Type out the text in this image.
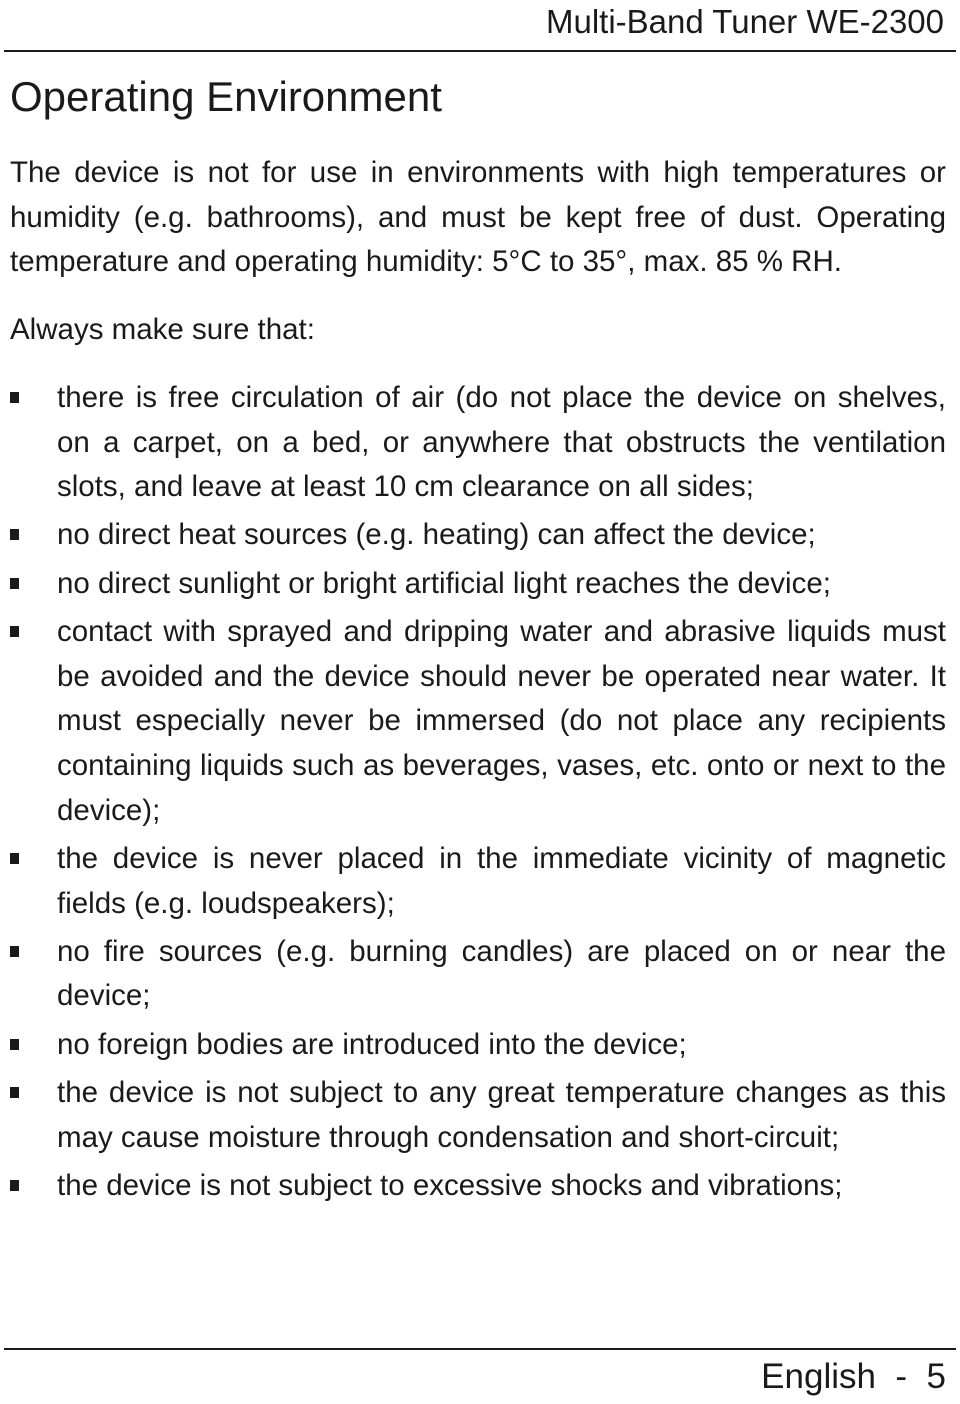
Multi-Band Tuner WE-2300
Operating Environment

The device is not for use in environments with high temperatures or humidity (e.g. bathrooms), and must be kept free of dust. Operating temperature and operating humidity: 5°C to 35°, max. 85 % RH.

Always make sure that:

there is free circulation of air (do not place the device on shelves, on a carpet, on a bed, or anywhere that obstructs the ventilation slots, and leave at least 10 cm clearance on all sides;
no direct heat sources (e.g. heating) can affect the device;
no direct sunlight or bright artificial light reaches the device;
contact with sprayed and dripping water and abrasive liquids must be avoided and the device should never be operated near water. It must especially never be immersed (do not place any recipients containing liquids such as beverages, vases, etc. onto or next to the device);
the device is never placed in the immediate vicinity of magnetic fields (e.g. loudspeakers);
no fire sources (e.g. burning candles) are placed on or near the device;
no foreign bodies are introduced into the device;
the device is not subject to any great temperature changes as this may cause moisture through condensation and short-circuit;
the device is not subject to excessive shocks and vibrations;
English - 5
